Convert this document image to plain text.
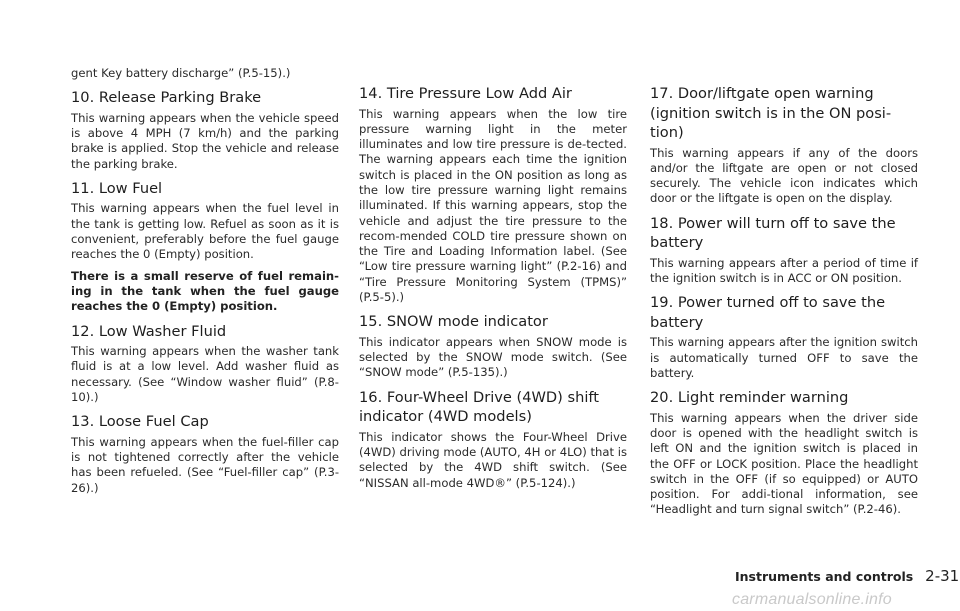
gent Key battery discharge” (P.5-15).)

10. Release Parking Brake

This warning appears when the vehicle speed is above 4 MPH (7 km/h) and the parking brake is applied. Stop the vehicle and release the parking brake.

11. Low Fuel

This warning appears when the fuel level in the tank is getting low. Refuel as soon as it is convenient, preferably before the fuel gauge reaches the 0 (Empty) position.

There is a small reserve of fuel remain-ing in the tank when the fuel gauge reaches the 0 (Empty) position.

12. Low Washer Fluid

This warning appears when the washer tank fluid is at a low level. Add washer fluid as necessary. (See “Window washer fluid” (P.8-10).)

13. Loose Fuel Cap

This warning appears when the fuel-filler cap is not tightened correctly after the vehicle has been refueled. (See “Fuel-filler cap” (P.3-26).)

14. Tire Pressure Low Add Air

This warning appears when the low tire pressure warning light in the meter illuminates and low tire pressure is de-tected. The warning appears each time the ignition switch is placed in the ON position as long as the low tire pressure warning light remains illuminated. If this warning appears, stop the vehicle and adjust the tire pressure to the recom-mended COLD tire pressure shown on the Tire and Loading Information label. (See “Low tire pressure warning light” (P.2-16) and “Tire Pressure Monitoring System (TPMS)” (P.5-5).)

15. SNOW mode indicator

This indicator appears when SNOW mode is selected by the SNOW mode switch. (See “SNOW mode” (P.5-135).)

16. Four-Wheel Drive (4WD) shift indicator (4WD models)

This indicator shows the Four-Wheel Drive (4WD) driving mode (AUTO, 4H or 4LO) that is selected by the 4WD shift switch. (See “NISSAN all-mode 4WD®” (P.5-124).)

17. Door/liftgate open warning (ignition switch is in the ON posi-tion)

This warning appears if any of the doors and/or the liftgate are open or not closed securely. The vehicle icon indicates which door or the liftgate is open on the display.

18. Power will turn off to save the battery

This warning appears after a period of time if the ignition switch is in ACC or ON position.

19. Power turned off to save the battery

This warning appears after the ignition switch is automatically turned OFF to save the battery.

20. Light reminder warning

This warning appears when the driver side door is opened with the headlight switch is left ON and the ignition switch is placed in the OFF or LOCK position. Place the headlight switch in the OFF (if so equipped) or AUTO position. For addi-tional information, see “Headlight and turn signal switch” (P.2-46).

Instruments and controls 2-31
carmanualsonline.info
